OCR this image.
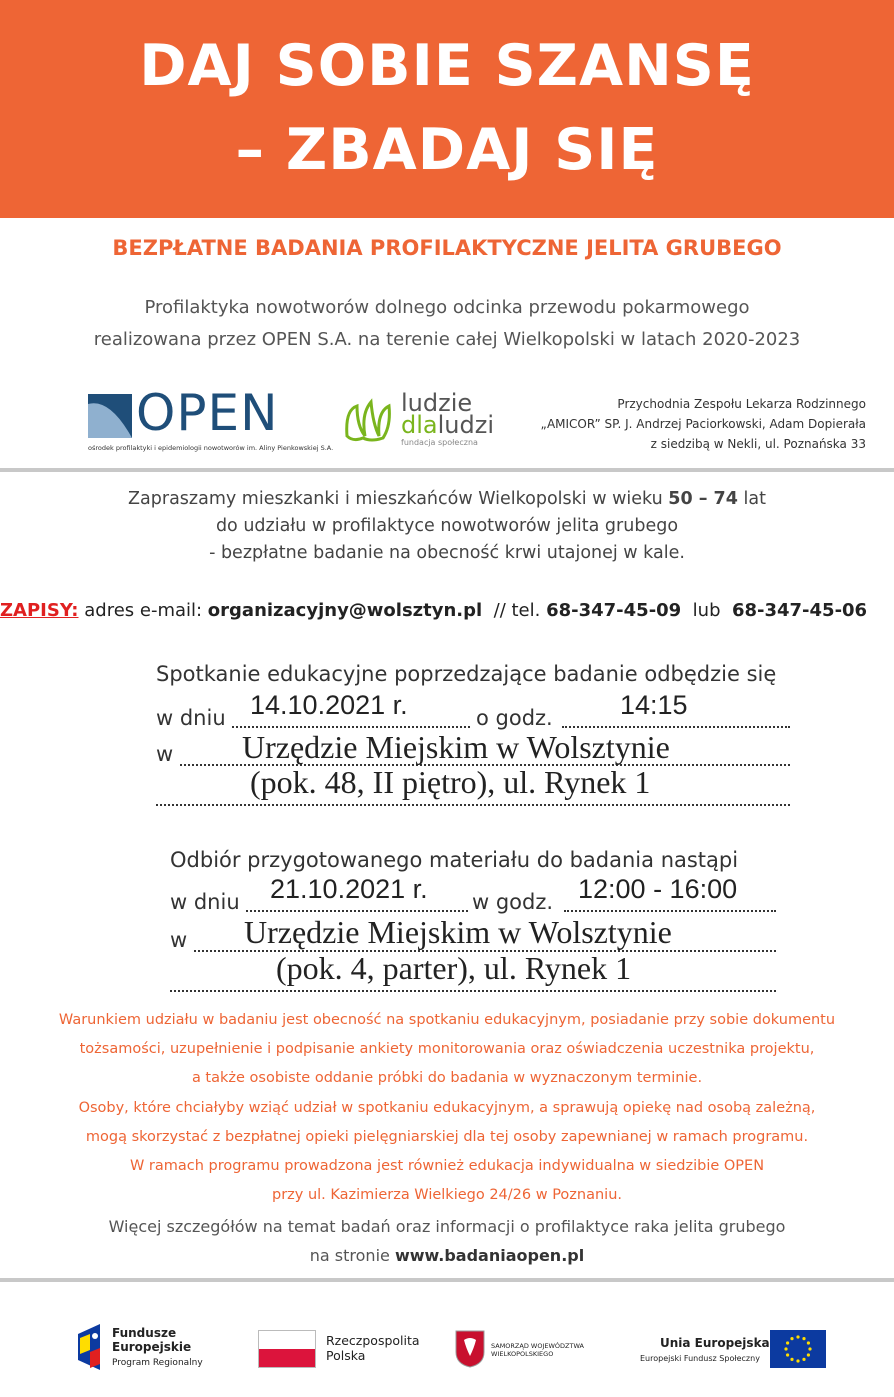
DAJ SOBIE SZANSĘ
– ZBADAJ SIĘ
BEZPŁATNE BADANIA PROFILAKTYCZNE JELITA GRUBEGO
Profilaktyka nowotworów dolnego odcinka przewodu pokarmowego
realizowana przez OPEN S.A. na terenie całej Wielkopolski w latach 2020-2023
OPEN
ośrodek profilaktyki i epidemiologii nowotworów im. Aliny Pienkowskiej S.A.
ludzie
dlaludzi
fundacja społeczna
Przychodnia Zespołu Lekarza Rodzinnego
„AMICOR” SP. J. Andrzej Paciorkowski, Adam Dopierała
z siedzibą w Nekli, ul. Poznańska 33
Zapraszamy mieszkanki i mieszkańców Wielkopolski w wieku 50 – 74 lat
do udziału w profilaktyce nowotworów jelita grubego
- bezpłatne badanie na obecność krwi utajonej w kale.
ZAPISY: adres e-mail: organizacyjny@wolsztyn.pl  // tel. 68-347-45-09  lub  68-347-45-06
Spotkanie edukacyjne poprzedzające badanie odbędzie się
w dniu 14.10.2021 r.	o godz. 14:15
w Urzędzie Miejskim w Wolsztynie
(pok. 48, II piętro), ul. Rynek 1
Odbiór przygotowanego materiału do badania nastąpi
w dniu 21.10.2021 r. w godz. 12:00 - 16:00
w Urzędzie Miejskim w Wolsztynie
(pok. 4, parter), ul. Rynek 1
Warunkiem udziału w badaniu jest obecność na spotkaniu edukacyjnym, posiadanie przy sobie dokumentu
tożsamości, uzupełnienie i podpisanie ankiety monitorowania oraz oświadczenia uczestnika projektu,
a także osobiste oddanie próbki do badania w wyznaczonym terminie.
Osoby, które chciałyby wziąć udział w spotkaniu edukacyjnym, a sprawują opiekę nad osobą zależną,
mogą skorzystać z bezpłatnej opieki pielęgniarskiej dla tej osoby zapewnianej w ramach programu.
W ramach programu prowadzona jest również edukacja indywidualna w siedzibie OPEN
przy ul. Kazimierza Wielkiego 24/26 w Poznaniu.
Więcej szczegółów na temat badań oraz informacji o profilaktyce raka jelita grubego
na stronie www.badaniaopen.pl
Fundusze
Europejskie
Program Regionalny
Rzeczpospolita
Polska
SAMORZĄD WOJEWÓDZTWA
WIELKOPOLSKIEGO
Unia Europejska
Europejski Fundusz Społeczny
